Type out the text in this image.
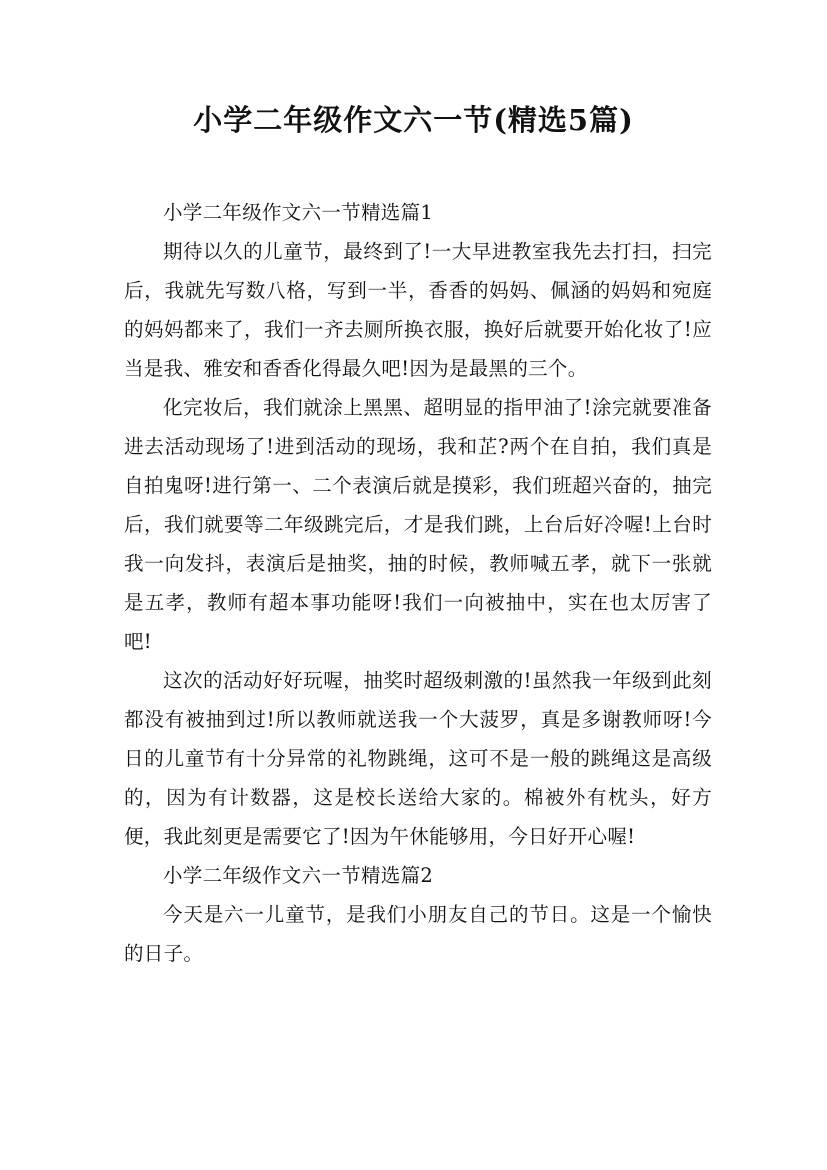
小学二年级作文六一节(精选5篇)

小学二年级作文六一节精选篇1

期待以久的儿童节，最终到了!一大早进教室我先去打扫，扫完后，我就先写数八格，写到一半，香香的妈妈、佩涵的妈妈和宛庭的妈妈都来了，我们一齐去厕所换衣服，换好后就要开始化妆了!应当是我、雅安和香香化得最久吧!因为是最黑的三个。

化完妆后，我们就涂上黑黑、超明显的指甲油了!涂完就要准备进去活动现场了!进到活动的现场，我和芷?两个在自拍，我们真是自拍鬼呀!进行第一、二个表演后就是摸彩，我们班超兴奋的，抽完后，我们就要等二年级跳完后，才是我们跳，上台后好冷喔!上台时我一向发抖，表演后是抽奖，抽的时候，教师喊五孝，就下一张就是五孝，教师有超本事功能呀!我们一向被抽中，实在也太厉害了吧!

这次的活动好好玩喔，抽奖时超级刺激的!虽然我一年级到此刻都没有被抽到过!所以教师就送我一个大菠罗，真是多谢教师呀!今日的儿童节有十分异常的礼物跳绳，这可不是一般的跳绳这是高级的，因为有计数器，这是校长送给大家的。棉被外有枕头，好方便，我此刻更是需要它了!因为午休能够用，今日好开心喔!

小学二年级作文六一节精选篇2

今天是六一儿童节，是我们小朋友自己的节日。这是一个愉快的日子。
